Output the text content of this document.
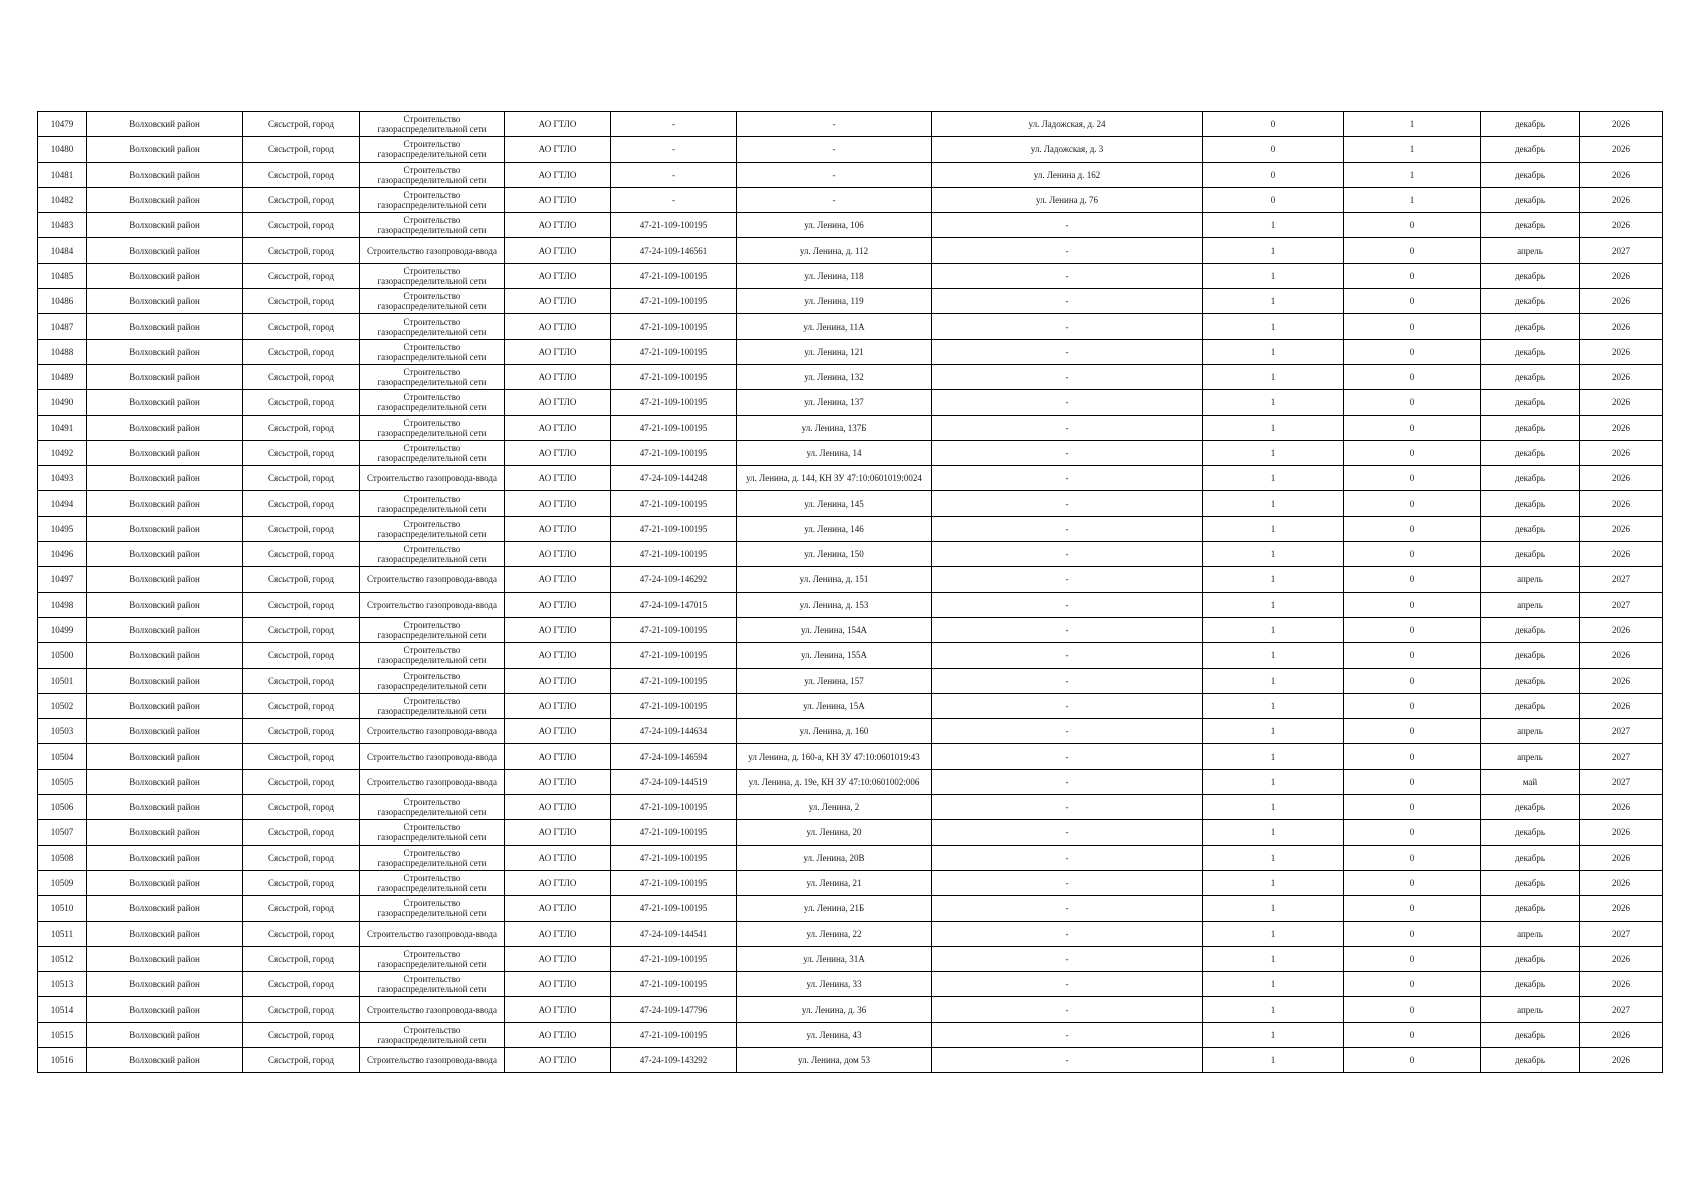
10479	Волховский район	Сясьстрой, город	Строительство газораспределительной сети	АО ГТЛО	-	-	ул. Ладожская, д. 24	0	1	декабрь	2026
10480	Волховский район	Сясьстрой, город	Строительство газораспределительной сети	АО ГТЛО	-	-	ул. Ладожская, д. 3	0	1	декабрь	2026
10481	Волховский район	Сясьстрой, город	Строительство газораспределительной сети	АО ГТЛО	-	-	ул. Ленина д. 162	0	1	декабрь	2026
10482	Волховский район	Сясьстрой, город	Строительство газораспределительной сети	АО ГТЛО	-	-	ул. Ленина д. 76	0	1	декабрь	2026
10483	Волховский район	Сясьстрой, город	Строительство газораспределительной сети	АО ГТЛО	47-21-109-100195	ул. Ленина, 106	-	1	0	декабрь	2026
10484	Волховский район	Сясьстрой, город	Строительство газопровода-ввода	АО ГТЛО	47-24-109-146561	ул. Ленина, д. 112	-	1	0	апрель	2027
10485	Волховский район	Сясьстрой, город	Строительство газораспределительной сети	АО ГТЛО	47-21-109-100195	ул. Ленина, 118	-	1	0	декабрь	2026
10486	Волховский район	Сясьстрой, город	Строительство газораспределительной сети	АО ГТЛО	47-21-109-100195	ул. Ленина, 119	-	1	0	декабрь	2026
10487	Волховский район	Сясьстрой, город	Строительство газораспределительной сети	АО ГТЛО	47-21-109-100195	ул. Ленина, 11А	-	1	0	декабрь	2026
10488	Волховский район	Сясьстрой, город	Строительство газораспределительной сети	АО ГТЛО	47-21-109-100195	ул. Ленина, 121	-	1	0	декабрь	2026
10489	Волховский район	Сясьстрой, город	Строительство газораспределительной сети	АО ГТЛО	47-21-109-100195	ул. Ленина, 132	-	1	0	декабрь	2026
10490	Волховский район	Сясьстрой, город	Строительство газораспределительной сети	АО ГТЛО	47-21-109-100195	ул. Ленина, 137	-	1	0	декабрь	2026
10491	Волховский район	Сясьстрой, город	Строительство газораспределительной сети	АО ГТЛО	47-21-109-100195	ул. Ленина, 137Б	-	1	0	декабрь	2026
10492	Волховский район	Сясьстрой, город	Строительство газораспределительной сети	АО ГТЛО	47-21-109-100195	ул. Ленина, 14	-	1	0	декабрь	2026
10493	Волховский район	Сясьстрой, город	Строительство газопровода-ввода	АО ГТЛО	47-24-109-144248	ул. Ленина, д. 144, КН ЗУ 47:10:0601019:0024	-	1	0	декабрь	2026
10494	Волховский район	Сясьстрой, город	Строительство газораспределительной сети	АО ГТЛО	47-21-109-100195	ул. Ленина, 145	-	1	0	декабрь	2026
10495	Волховский район	Сясьстрой, город	Строительство газораспределительной сети	АО ГТЛО	47-21-109-100195	ул. Ленина, 146	-	1	0	декабрь	2026
10496	Волховский район	Сясьстрой, город	Строительство газораспределительной сети	АО ГТЛО	47-21-109-100195	ул. Ленина, 150	-	1	0	декабрь	2026
10497	Волховский район	Сясьстрой, город	Строительство газопровода-ввода	АО ГТЛО	47-24-109-146292	ул. Ленина, д. 151	-	1	0	апрель	2027
10498	Волховский район	Сясьстрой, город	Строительство газопровода-ввода	АО ГТЛО	47-24-109-147015	ул. Ленина, д. 153	-	1	0	апрель	2027
10499	Волховский район	Сясьстрой, город	Строительство газораспределительной сети	АО ГТЛО	47-21-109-100195	ул. Ленина, 154А	-	1	0	декабрь	2026
10500	Волховский район	Сясьстрой, город	Строительство газораспределительной сети	АО ГТЛО	47-21-109-100195	ул. Ленина, 155А	-	1	0	декабрь	2026
10501	Волховский район	Сясьстрой, город	Строительство газораспределительной сети	АО ГТЛО	47-21-109-100195	ул. Ленина, 157	-	1	0	декабрь	2026
10502	Волховский район	Сясьстрой, город	Строительство газораспределительной сети	АО ГТЛО	47-21-109-100195	ул. Ленина, 15А	-	1	0	декабрь	2026
10503	Волховский район	Сясьстрой, город	Строительство газопровода-ввода	АО ГТЛО	47-24-109-144634	ул. Ленина, д. 160	-	1	0	апрель	2027
10504	Волховский район	Сясьстрой, город	Строительство газопровода-ввода	АО ГТЛО	47-24-109-146594	ул Ленина, д. 160-а, КН ЗУ 47:10:0601019:43	-	1	0	апрель	2027
10505	Волховский район	Сясьстрой, город	Строительство газопровода-ввода	АО ГТЛО	47-24-109-144519	ул. Ленина, д. 19е, КН ЗУ 47:10:0601002:006	-	1	0	май	2027
10506	Волховский район	Сясьстрой, город	Строительство газораспределительной сети	АО ГТЛО	47-21-109-100195	ул. Ленина, 2	-	1	0	декабрь	2026
10507	Волховский район	Сясьстрой, город	Строительство газораспределительной сети	АО ГТЛО	47-21-109-100195	ул. Ленина, 20	-	1	0	декабрь	2026
10508	Волховский район	Сясьстрой, город	Строительство газораспределительной сети	АО ГТЛО	47-21-109-100195	ул. Ленина, 20В	-	1	0	декабрь	2026
10509	Волховский район	Сясьстрой, город	Строительство газораспределительной сети	АО ГТЛО	47-21-109-100195	ул. Ленина, 21	-	1	0	декабрь	2026
10510	Волховский район	Сясьстрой, город	Строительство газораспределительной сети	АО ГТЛО	47-21-109-100195	ул. Ленина, 21Б	-	1	0	декабрь	2026
10511	Волховский район	Сясьстрой, город	Строительство газопровода-ввода	АО ГТЛО	47-24-109-144541	ул. Ленина, 22	-	1	0	апрель	2027
10512	Волховский район	Сясьстрой, город	Строительство газораспределительной сети	АО ГТЛО	47-21-109-100195	ул. Ленина, 31А	-	1	0	декабрь	2026
10513	Волховский район	Сясьстрой, город	Строительство газораспределительной сети	АО ГТЛО	47-21-109-100195	ул. Ленина, 33	-	1	0	декабрь	2026
10514	Волховский район	Сясьстрой, город	Строительство газопровода-ввода	АО ГТЛО	47-24-109-147796	ул. Ленина, д. 36	-	1	0	апрель	2027
10515	Волховский район	Сясьстрой, город	Строительство газораспределительной сети	АО ГТЛО	47-21-109-100195	ул. Ленина, 43	-	1	0	декабрь	2026
10516	Волховский район	Сясьстрой, город	Строительство газопровода-ввода	АО ГТЛО	47-24-109-143292	ул. Ленина, дом 53	-	1	0	декабрь	2026
